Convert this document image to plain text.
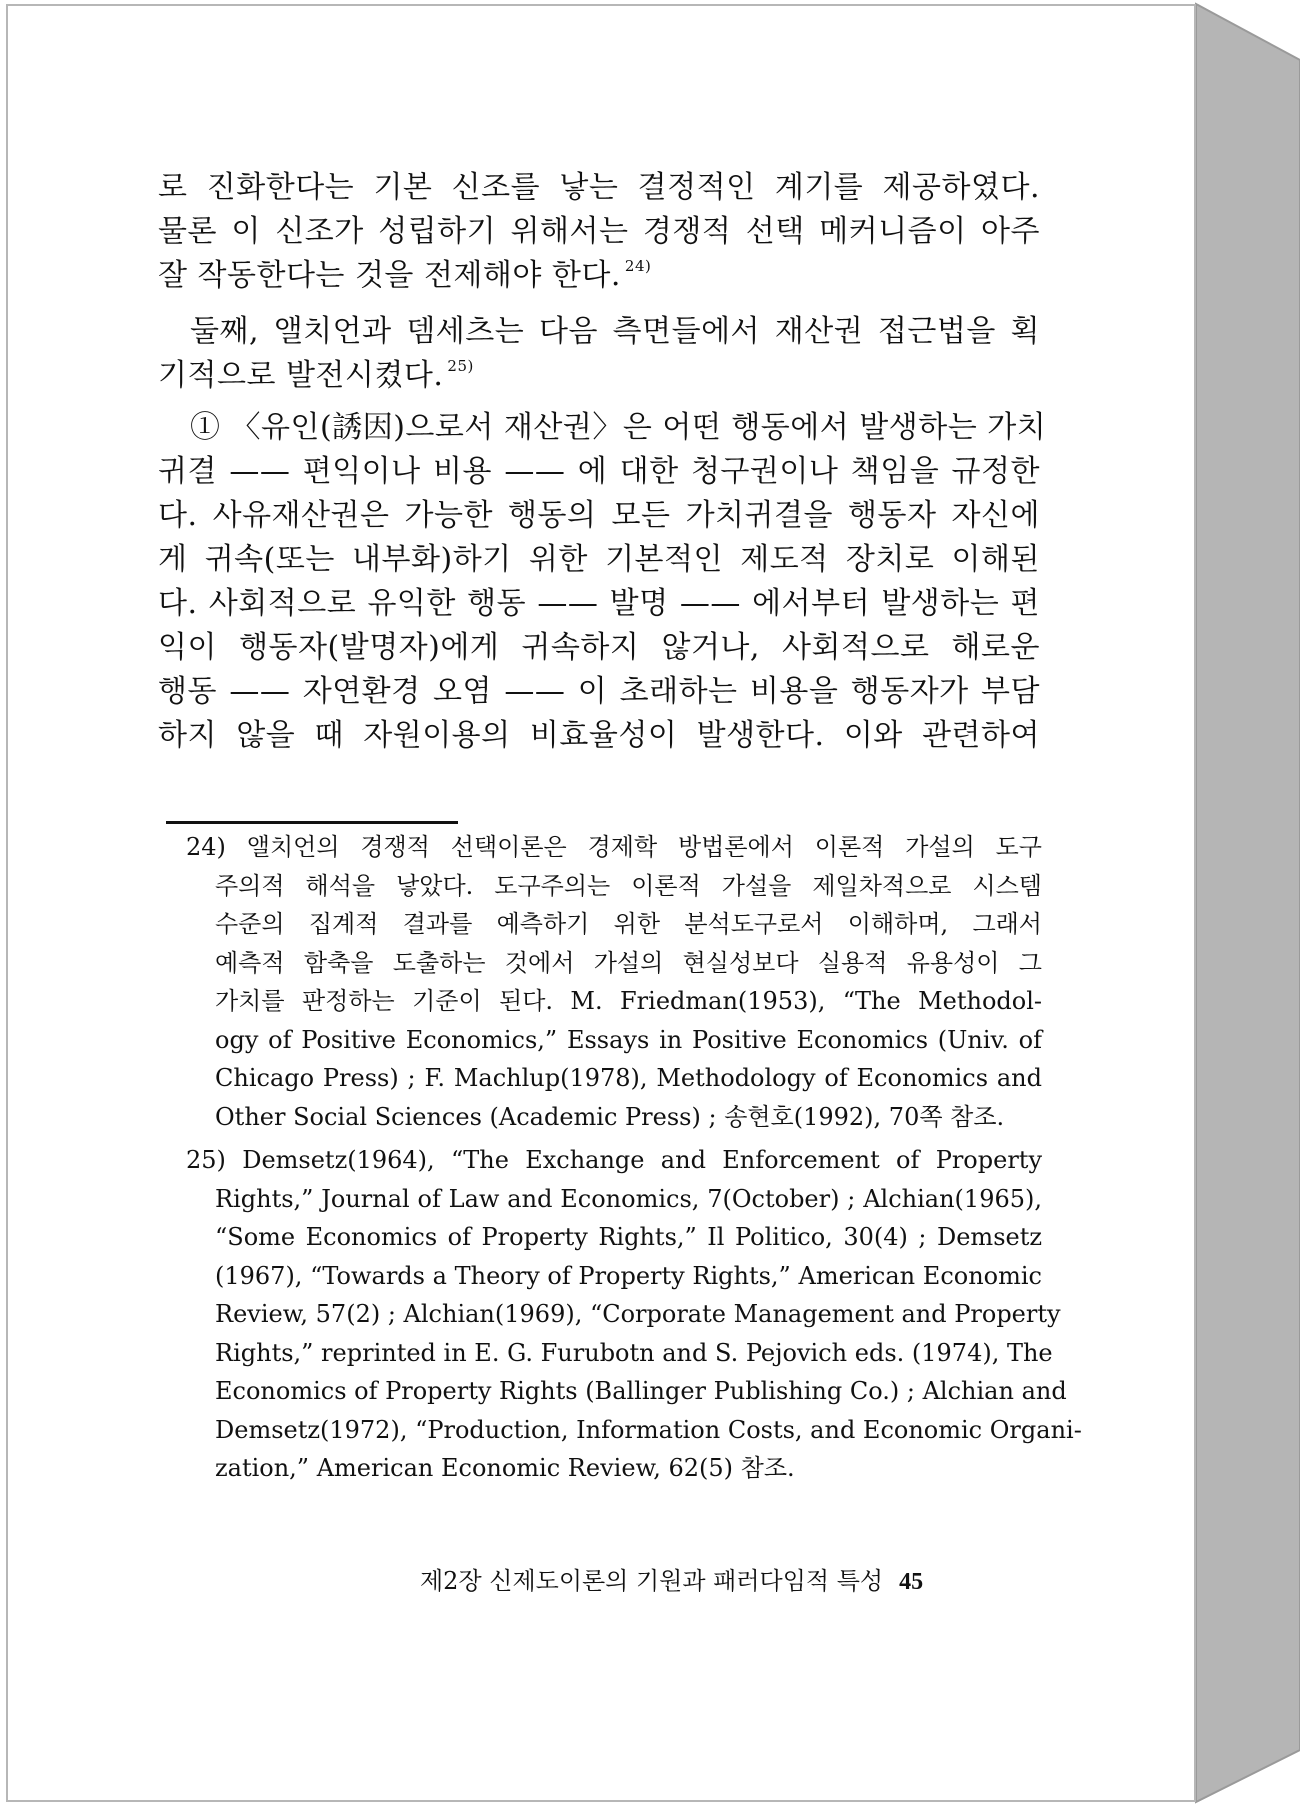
로 진화한다는 기본 신조를 낳는 결정적인 계기를 제공하였다.
물론 이 신조가 성립하기 위해서는 경쟁적 선택 메커니즘이 아주
잘 작동한다는 것을 전제해야 한다. $^{24)}$
둘째, 앨치언과 뎀세츠는 다음 측면들에서 재산권 접근법을 획
기적으로 발전시켰다. $^{25)}$
① 〈유인(誘因)으로서 재산권〉은 어떤 행동에서 발생하는 가치
귀결 —— 편익이나 비용 —— 에 대한 청구권이나 책임을 규정한
다. 사유재산권은 가능한 행동의 모든 가치귀결을 행동자 자신에
게 귀속(또는 내부화)하기 위한 기본적인 제도적 장치로 이해된
다. 사회적으로 유익한 행동 —— 발명 —— 에서부터 발생하는 편
익이 행동자(발명자)에게 귀속하지 않거나, 사회적으로 해로운
행동 —— 자연환경 오염 —— 이 초래하는 비용을 행동자가 부담
하지 않을 때 자원이용의 비효율성이 발생한다. 이와 관련하여
24) 앨치언의 경쟁적 선택이론은 경제학 방법론에서 이론적 가설의 도구
주의적 해석을 낳았다. 도구주의는 이론적 가설을 제일차적으로 시스템
수준의 집계적 결과를 예측하기 위한 분석도구로서 이해하며, 그래서
예측적 함축을 도출하는 것에서 가설의 현실성보다 실용적 유용성이 그
가치를 판정하는 기준이 된다. M. Friedman(1953), “The Methodol-
ogy of Positive Economics,” Essays in Positive Economics (Univ. of
Chicago Press) ; F. Machlup(1978), Methodology of Economics and
Other Social Sciences (Academic Press) ; 송현호(1992), 70쪽 참조.
25) Demsetz(1964), “The Exchange and Enforcement of Property
Rights,” Journal of Law and Economics, 7(October) ; Alchian(1965),
“Some Economics of Property Rights,” Il Politico, 30(4) ; Demsetz
(1967), “Towards a Theory of Property Rights,” American Economic
Review, 57(2) ; Alchian(1969), “Corporate Management and Property
Rights,” reprinted in E. G. Furubotn and S. Pejovich eds. (1974), The
Economics of Property Rights (Ballinger Publishing Co.) ; Alchian and
Demsetz(1972), “Production, Information Costs, and Economic Organi-
zation,” American Economic Review, 62(5) 참조.
제2장 신제도이론의 기원과 패러다임적 특성 45
